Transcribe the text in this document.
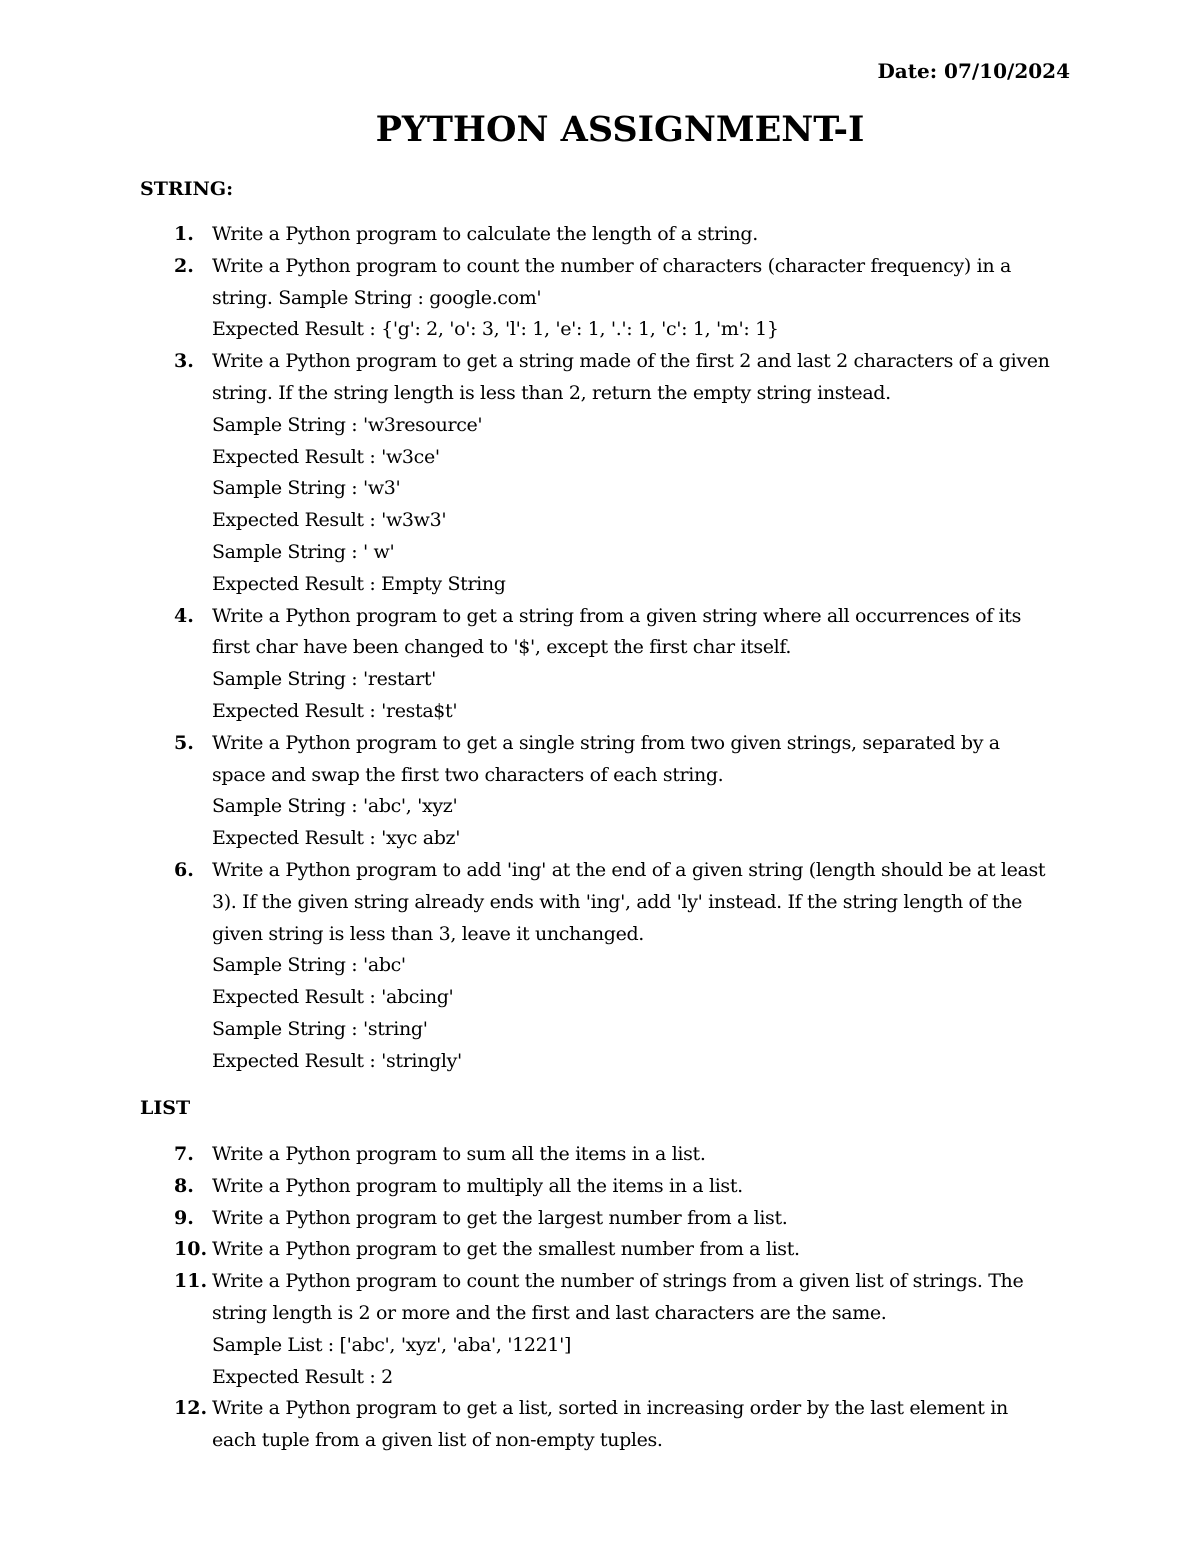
Date: 07/10/2024
PYTHON ASSIGNMENT-I
STRING:
1. Write a Python program to calculate the length of a string.
2. Write a Python program to count the number of characters (character frequency) in a
string. Sample String : google.com'
Expected Result : {'g': 2, 'o': 3, 'l': 1, 'e': 1, '.': 1, 'c': 1, 'm': 1}
3. Write a Python program to get a string made of the first 2 and last 2 characters of a given
string. If the string length is less than 2, return the empty string instead.
Sample String : 'w3resource'
Expected Result : 'w3ce'
Sample String : 'w3'
Expected Result : 'w3w3'
Sample String : ' w'
Expected Result : Empty String
4. Write a Python program to get a string from a given string where all occurrences of its
first char have been changed to '$', except the first char itself.
Sample String : 'restart'
Expected Result : 'resta$t'
5. Write a Python program to get a single string from two given strings, separated by a
space and swap the first two characters of each string.
Sample String : 'abc', 'xyz'
Expected Result : 'xyc abz'
6. Write a Python program to add 'ing' at the end of a given string (length should be at least
3). If the given string already ends with 'ing', add 'ly' instead. If the string length of the
given string is less than 3, leave it unchanged.
Sample String : 'abc'
Expected Result : 'abcing'
Sample String : 'string'
Expected Result : 'stringly'
LIST
7. Write a Python program to sum all the items in a list.
8. Write a Python program to multiply all the items in a list.
9. Write a Python program to get the largest number from a list.
10. Write a Python program to get the smallest number from a list.
11. Write a Python program to count the number of strings from a given list of strings. The
string length is 2 or more and the first and last characters are the same.
Sample List : ['abc', 'xyz', 'aba', '1221']
Expected Result : 2
12. Write a Python program to get a list, sorted in increasing order by the last element in
each tuple from a given list of non-empty tuples.
